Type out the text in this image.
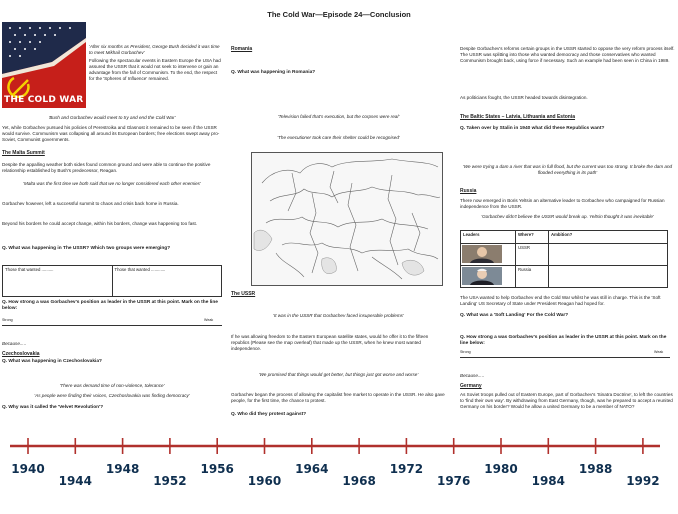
The Cold War—Episode 24—Conclusion
THE COLD WAR
'After six months as President, George Bush decided it was time to meet Mikhail Gorbachev'
Following the spectacular events in Eastern Europe the USA had assured the USSR that it would not seek to intervene or gain an advantage from the fall of Communism. To the end, the respect for the 'Spheres of Influence' remained.
'Bush and Gorbachev would meet to try and end the Cold War'
Yet, while Gorbachev pursued his policies of Perestroika and Glasnost it remained to be seen if the USSR would survive. Communism was collapsing all around its European borders; free elections swept away pro-Soviet, Communist governments.
The Malta Summit
Despite the appalling weather both sides found common ground and were able to continue the positive relationship established by Bush's predecessor, Reagan.
'Malta was the first time we both said that we no longer considered each other enemies'
Gorbachev however, left a successful summit to chaos and crisis back home in Russia.
Beyond his borders he could accept change, within his borders, change was happening too fast.
Q. What was happening in The USSR? Which two groups were emerging?
Those that wanted ..........	Those that wanted ............
Q. How strong a was Gorbachev's position as leader in the USSR at this point. Mark on the line below:
Strong	Weak
Because.....
Czechoslovakia
Q. What was happening in Czechoslovakia?
'There was demand time of non-violence, tolerance'
'As people were finding their voices, Czechoslovakia was finding democracy'
Q. Why was it called the 'Velvet Revolution'?
Romania
Q. What was happening in Romania?
'Television failed that's execution, but the corpses were real'
'The executioner took care their shelter could be recognised'
The USSR
'It was in the USSR that Gorbachev faced insuperable problems'
If he was allowing freedom to the Eastern European satellite states, would he offer it to the fifteen republics (Please see the map overleaf) that made up the USSR, when he knew most wanted independence.
'We promised that things would get better, but things just got worse and worse'
Gorbachev began the process of allowing the capitalist free market to operate in the USSR. He also gave people, for the first time, the chance to protest.
Q. Who did they protest against?
Despite Gorbachev's reforms certain groups in the USSR started to oppose the very reform process itself. The USSR was splitting into those who wanted democracy and those conservatives who wanted Communism brought back, using force if necessary. Such an example had been seen in China in 1989.
As politicians fought, the USSR headed towards disintegration.
The Baltic States – Latvia, Lithuania and Estonia
Q. Taken over by Stalin in 1940 what did these Republics want?
'We were trying a dam a river that was in full flood, but the current was too strong. It broke the dam and flooded everything in its path'
Russia
There now emerged in Boris Yeltsin an alternative leader to Gorbachev who campaigned for Russian independence from the USSR.
'Gorbachev didn't believe the USSR would break up. Yeltsin thought it was inevitable'
Leaders	Where?	Ambition?
	USSR	
	Russia	
The USA wanted to help Gorbachev end the Cold War whilst he was still in charge. This is the 'Soft Landing' US Secretary of State under President Reagan had hoped for.
Q. What was a 'Soft Landing' For the Cold War?
Q. How strong a was Gorbachev's position as leader in the USSR at this point. Mark on the line below:
Strong	Weak
Because.....
Germany
As Soviet troops pulled out of Eastern Europe, part of Gorbachev's 'Sinatra Doctrine', to left the countries to 'find their own way'. By withdrawing from East Germany, though, was he prepared to accept a reunited Germany on his border? Would he allow a united Germany to be a member of NATO?
1940
1944
1948
1952
1956
1960
1964
1968
1972
1976
1980
1984
1988
1992
